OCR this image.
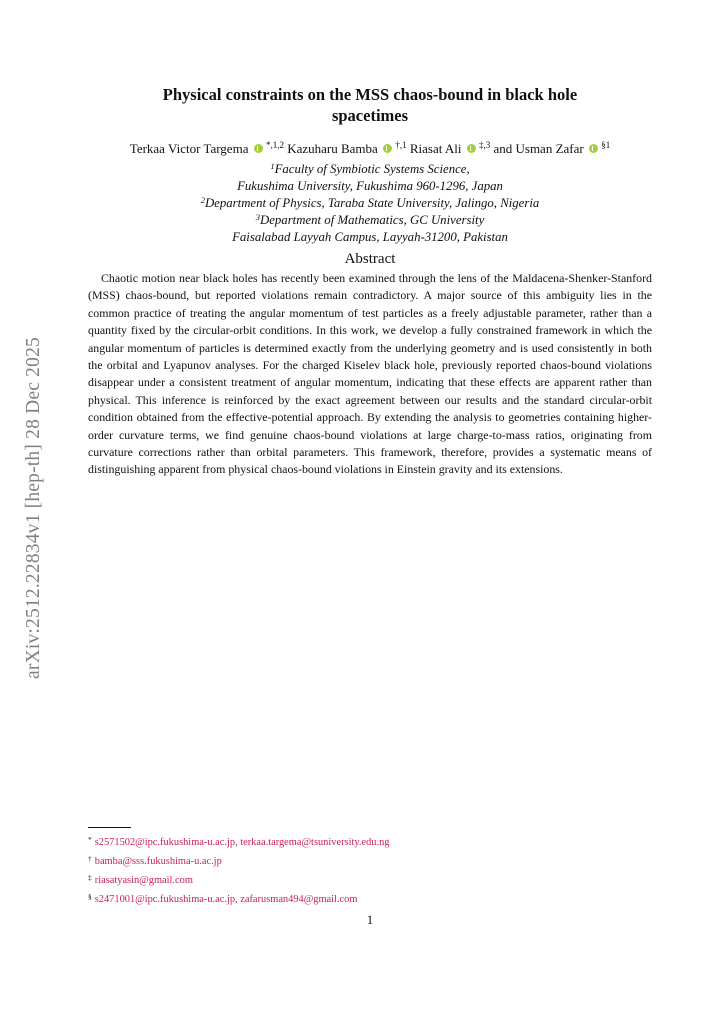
arXiv:2512.22834v1 [hep-th] 28 Dec 2025
Physical constraints on the MSS chaos-bound in black hole
spacetimes
Terkaa Victor Targema $^{*,1,2}$ Kazuharu Bamba $^{\dagger,1}$ Riasat Ali $^{\ddagger,3}$ and Usman Zafar $^{\S 1}$
$^1$Faculty of Symbiotic Systems Science,
Fukushima University, Fukushima 960-1296, Japan
$^2$Department of Physics, Taraba State University, Jalingo, Nigeria
$^3$Department of Mathematics, GC University
Faisalabad Layyah Campus, Layyah-31200, Pakistan
Abstract
Chaotic motion near black holes has recently been examined through the lens of the Maldacena-Shenker-Stanford (MSS) chaos-bound, but reported violations remain contradictory. A major source of this ambiguity lies in the common practice of treating the angular momentum of test particles as a freely adjustable parameter, rather than a quantity fixed by the circular-orbit conditions. In this work, we develop a fully constrained framework in which the angular momentum of particles is determined exactly from the underlying geometry and is used consistently in both the orbital and Lyapunov analyses. For the charged Kiselev black hole, previously reported chaos-bound violations disappear under a consistent treatment of angular momentum, indicating that these effects are apparent rather than physical. This inference is reinforced by the exact agreement between our results and the standard circular-orbit condition obtained from the effective-potential approach. By extending the analysis to geometries containing higher-order curvature terms, we find genuine chaos-bound violations at large charge-to-mass ratios, originating from curvature corrections rather than orbital parameters. This framework, therefore, provides a systematic means of distinguishing apparent from physical chaos-bound violations in Einstein gravity and its extensions.
* s2571502@ipc.fukushima-u.ac.jp, terkaa.targema@tsuniversity.edu.ng
† bamba@sss.fukushima-u.ac.jp
‡ riasatyasin@gmail.com
§ s2471001@ipc.fukushima-u.ac.jp, zafarusman494@gmail.com
1
